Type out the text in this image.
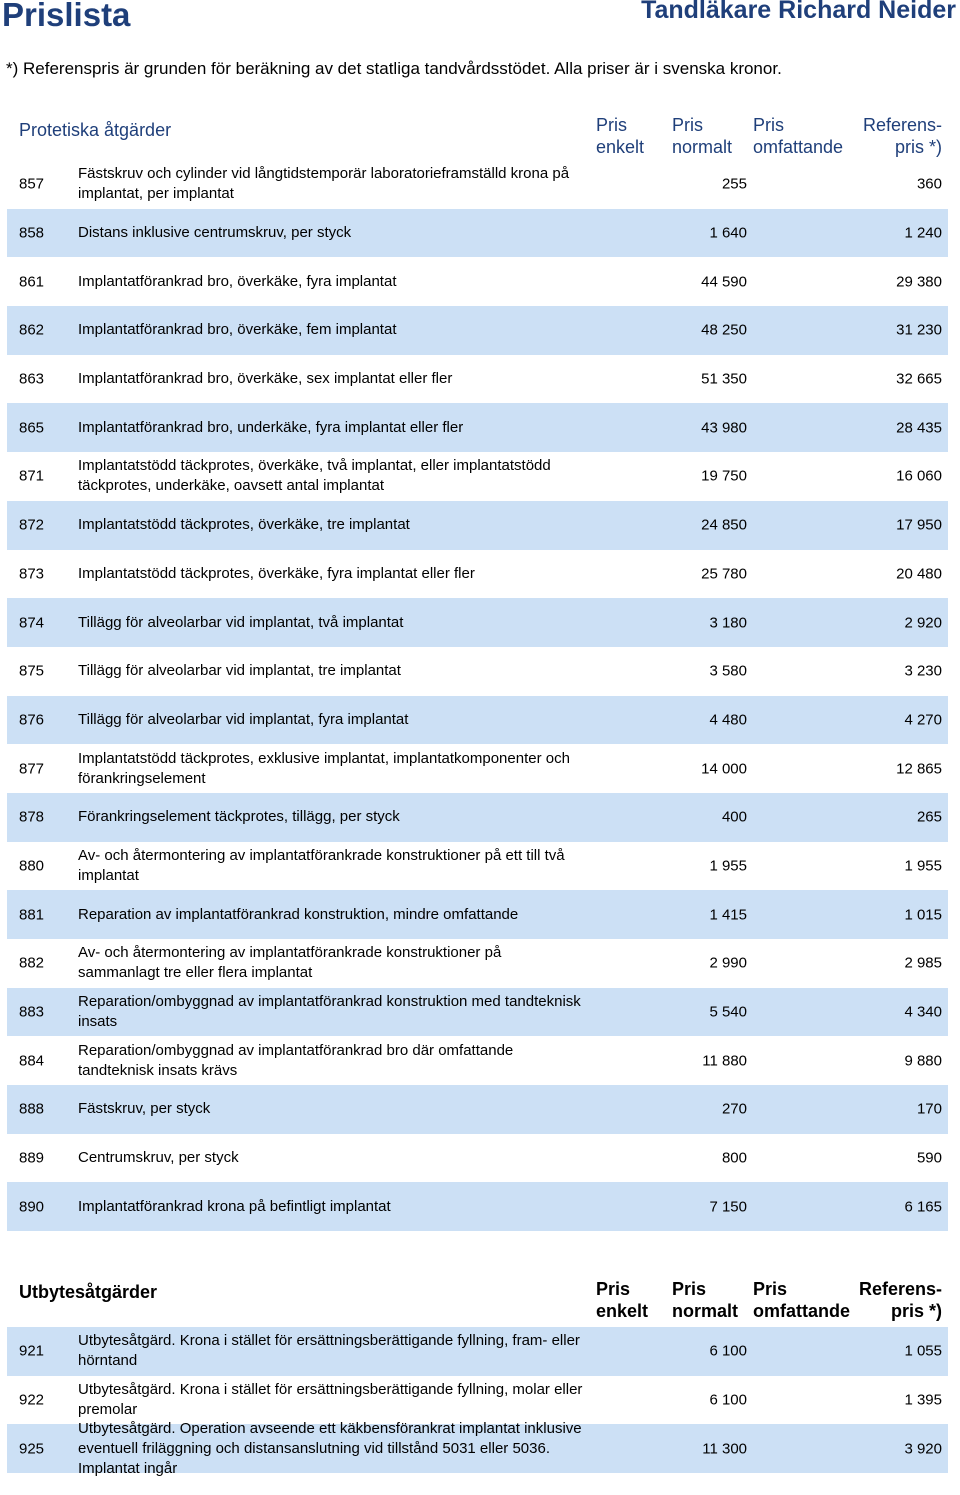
Prislista	Tandläkare Richard Neider
*) Referenspris är grunden för beräkning av det statliga tandvårdsstödet. Alla priser är i svenska kronor.
Protetiska åtgärder	Pris
enkelt
Pris
normalt
Pris
omfattande
Referens-
pris *)
857
Fästskruv och cylinder vid långtidstemporär laboratorieframställd krona på implantat, per implantat
255	360
858 Distans inklusive centrumskruv, per styck	1 640	1 240
861 Implantatförankrad bro, överkäke, fyra implantat	44 590	29 380
862 Implantatförankrad bro, överkäke, fem implantat	48 250	31 230
863 Implantatförankrad bro, överkäke, sex implantat eller fler	51 350	32 665
865 Implantatförankrad bro, underkäke, fyra implantat eller fler	43 980	28 435
871
Implantatstödd täckprotes, överkäke, två implantat, eller implantatstödd täckprotes, underkäke, oavsett antal implantat
19 750	16 060
872 Implantatstödd täckprotes, överkäke, tre implantat	24 850	17 950
873 Implantatstödd täckprotes, överkäke, fyra implantat eller fler	25 780	20 480
874 Tillägg för alveolarbar vid implantat, två implantat	3 180	2 920
875 Tillägg för alveolarbar vid implantat, tre implantat	3 580	3 230
876 Tillägg för alveolarbar vid implantat, fyra implantat	4 480	4 270
877
Implantatstödd täckprotes, exklusive implantat, implantatkomponenter och förankringselement
14 000	12 865
878 Förankringselement täckprotes, tillägg, per styck	400	265
880
Av- och återmontering av implantatförankrade konstruktioner på ett till två implantat
1 955	1 955
881 Reparation av implantatförankrad konstruktion, mindre omfattande	1 415	1 015
882
Av- och återmontering av implantatförankrade konstruktioner på sammanlagt tre eller flera implantat
2 990	2 985
883
Reparation/ombyggnad av implantatförankrad konstruktion med tandteknisk insats
5 540	4 340
884
Reparation/ombyggnad av implantatförankrad bro där omfattande tandteknisk insats krävs
11 880	9 880
888 Fästskruv, per styck	270	170
889 Centrumskruv, per styck	800	590
890 Implantatförankrad krona på befintligt implantat	7 150	6 165
Utbytesåtgärder	Pris
enkelt
Pris
normalt
Pris
omfattande
Referens-
pris *)
921
Utbytesåtgärd. Krona i stället för ersättningsberättigande fyllning, fram- eller hörntand
6 100	1 055
922
Utbytesåtgärd. Krona i stället för ersättningsberättigande fyllning, molar eller premolar
6 100	1 395
925
Utbytesåtgärd. Operation avseende ett käkbensförankrat implantat inklusive eventuell friläggning och distansanslutning vid tillstånd 5031 eller 5036. Implantat ingår
11 300	3 920
